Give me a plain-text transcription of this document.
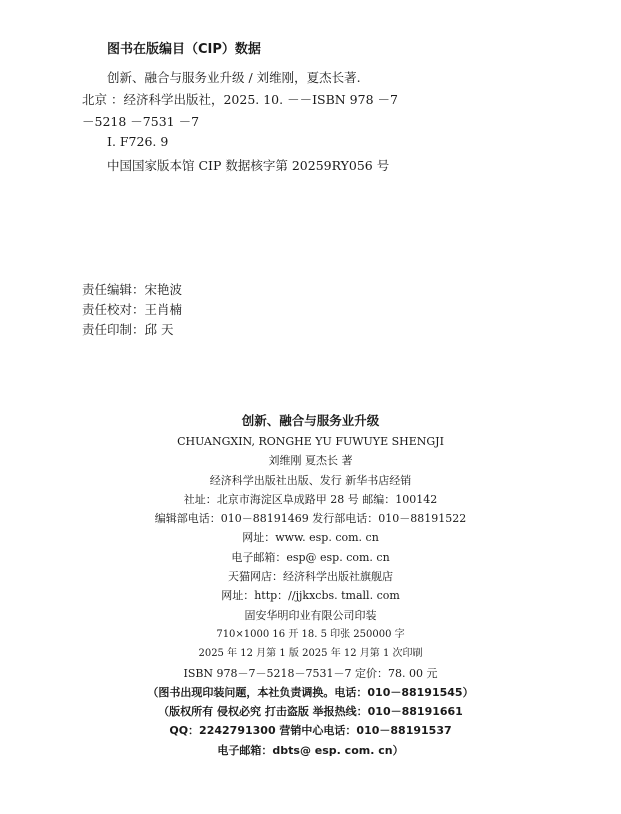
图书在版编目（CIP）数据
创新、融合与服务业升级 / 刘维刚，夏杰长著.
北京 ：经济科学出版社，2025. 10. －－ISBN 978 －7
－5218 －7531 －7
Ⅰ. F726. 9
中国国家版本馆 CIP 数据核字第 20259RY056 号
责任编辑：宋艳波
责任校对：王肖楠
责任印制：邱 天
创新、融合与服务业升级
CHUANGXIN, RONGHE YU FUWUYE SHENGJI
刘维刚 夏杰长 著
经济科学出版社出版、发行 新华书店经销
社址：北京市海淀区阜成路甲 28 号 邮编：100142
编辑部电话：010－88191469 发行部电话：010－88191522
网址：www. esp. com. cn
电子邮箱：esp@ esp. com. cn
天猫网店：经济科学出版社旗舰店
网址：http：//jjkxcbs. tmall. com
固安华明印业有限公司印装
710×1000 16 开 18. 5 印张 250000 字
2025 年 12 月第 1 版 2025 年 12 月第 1 次印刷
ISBN 978－7－5218－7531－7 定价：78. 00 元
（图书出现印装问题，本社负责调换。电话：010－88191545）
（版权所有 侵权必究 打击盗版 举报热线：010－88191661
QQ：2242791300 营销中心电话：010－88191537
电子邮箱：dbts@ esp. com. cn）
